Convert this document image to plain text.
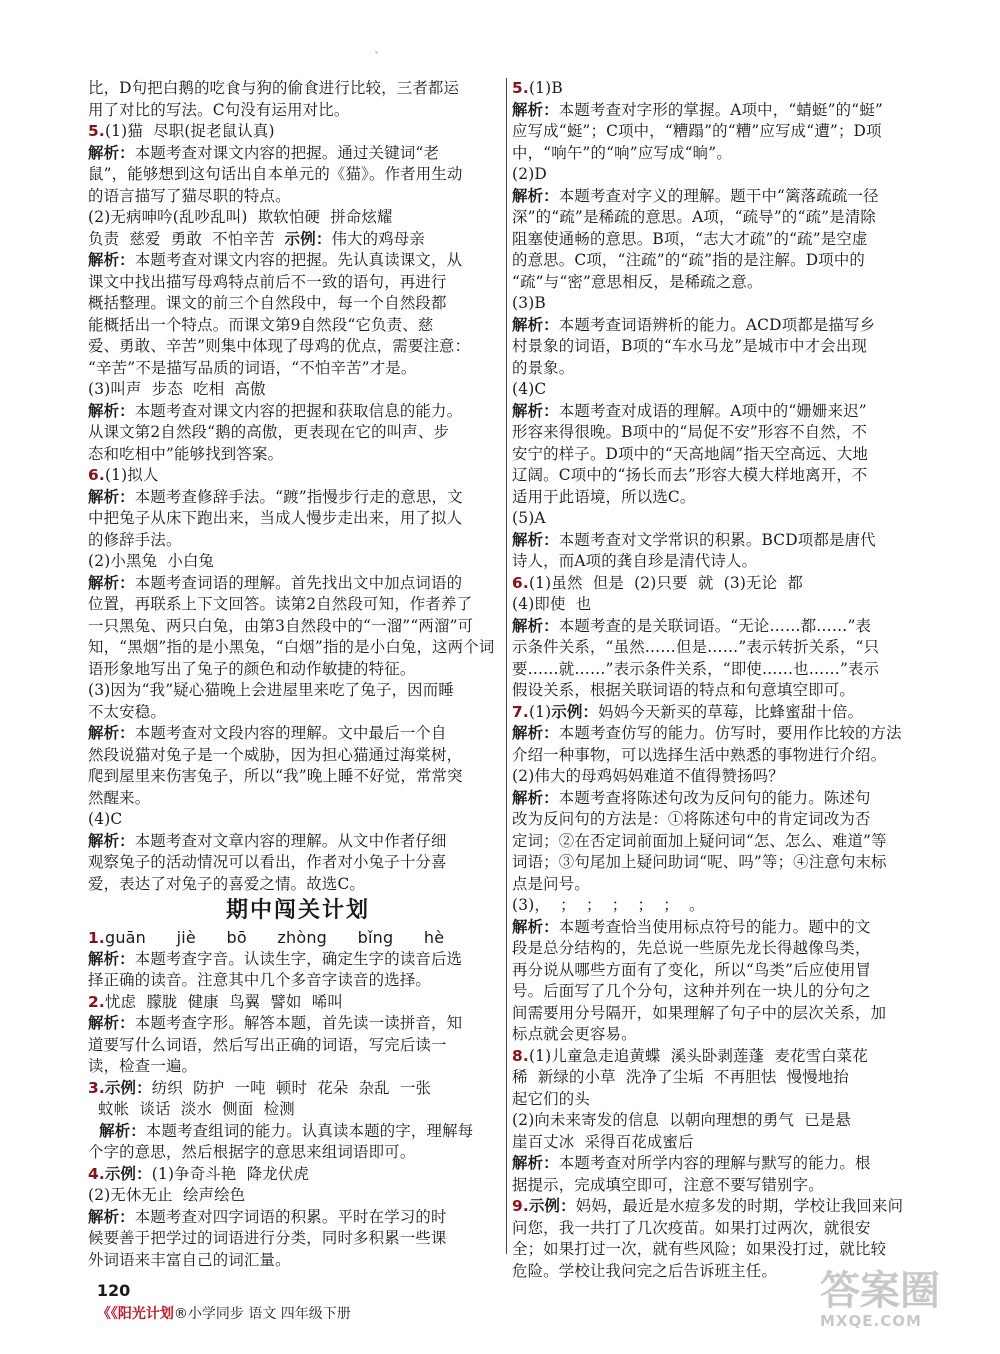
ˋ
比，D句把白鹅的吃食与狗的偷食进行比较，三者都运
用了对比的写法。C句没有运用对比。
5.(1)猫  尽职(捉老鼠认真)
解析：本题考查对课文内容的把握。通过关键词“老
鼠”，能够想到这句话出自本单元的《猫》。作者用生动
的语言描写了猫尽职的特点。
(2)无病呻吟(乱吵乱叫)  欺软怕硬  拼命炫耀
负责  慈爱  勇敢  不怕辛苦  示例：伟大的鸡母亲
解析：本题考查对课文内容的把握。先认真读课文，从
课文中找出描写母鸡特点前后不一致的语句，再进行
概括整理。课文的前三个自然段中，每一个自然段都
能概括出一个特点。而课文第9自然段“它负责、慈
爱、勇敢、辛苦”则集中体现了母鸡的优点，需要注意：
“辛苦”不是描写品质的词语，“不怕辛苦”才是。
(3)叫声  步态  吃相  高傲
解析：本题考查对课文内容的把握和获取信息的能力。
从课文第2自然段“鹅的高傲，更表现在它的叫声、步
态和吃相中”能够找到答案。
6.(1)拟人
解析：本题考查修辞手法。“踱”指慢步行走的意思，文
中把兔子从床下跑出来，当成人慢步走出来，用了拟人
的修辞手法。
(2)小黑兔  小白兔
解析：本题考查词语的理解。首先找出文中加点词语的
位置，再联系上下文回答。读第2自然段可知，作者养了
一只黑兔、两只白兔，由第3自然段中的“一溜”“两溜”可
知，“黑烟”指的是小黑兔，“白烟”指的是小白兔，这两个词
语形象地写出了兔子的颜色和动作敏捷的特征。
(3)因为“我”疑心猫晚上会进屋里来吃了兔子，因而睡
不太安稳。
解析：本题考查对文段内容的理解。文中最后一个自
然段说猫对兔子是一个威胁，因为担心猫通过海棠树，
爬到屋里来伤害兔子，所以“我”晚上睡不好觉，常常突
然醒来。
(4)C
解析：本题考查对文章内容的理解。从文中作者仔细
观察兔子的活动情况可以看出，作者对小兔子十分喜
爱，表达了对兔子的喜爱之情。故选C。
期中闯关计划
1.guān  jiè  bō  zhòng  bǐng  hè
解析：本题考查字音。认读生字，确定生字的读音后选
择正确的读音。注意其中几个多音字读音的选择。
2.忧虑  朦胧  健康  鸟翼  譬如  唏叫
解析：本题考查字形。解答本题，首先读一读拼音，知
道要写什么词语，然后写出正确的词语，写完后读一
读，检查一遍。
3.示例：纺织  防护  一吨  顿时  花朵  杂乱  一张
蚊帐  谈话  淡水  侧面  检测
解析：本题考查组词的能力。认真读本题的字，理解每
个字的意思，然后根据字的意思来组词语即可。
4.示例：(1)争奇斗艳  降龙伏虎
(2)无休无止  绘声绘色
解析：本题考查对四字词语的积累。平时在学习的时
候要善于把学过的词语进行分类，同时多积累一些课
外词语来丰富自己的词汇量。
5.(1)B
解析：本题考查对字形的掌握。A项中，“蜻蜓”的“蜓”
应写成“蜓”；C项中，“糟蹋”的“糟”应写成“遭”；D项
中，“响午”的“响”应写成“晌”。
(2)D
解析：本题考查对字义的理解。题干中“篱落疏疏一径
深”的“疏”是稀疏的意思。A项，“疏导”的“疏”是清除
阻塞使通畅的意思。B项，“志大才疏”的“疏”是空虚
的意思。C项，“注疏”的“疏”指的是注解。D项中的
“疏”与“密”意思相反，是稀疏之意。
(3)B
解析：本题考查词语辨析的能力。ACD项都是描写乡
村景象的词语，B项的“车水马龙”是城市中才会出现
的景象。
(4)C
解析：本题考查对成语的理解。A项中的“姗姗来迟”
形容来得很晚。B项中的“局促不安”形容不自然，不
安宁的样子。D项中的“天高地阔”指天空高远、大地
辽阔。C项中的“扬长而去”形容大模大样地离开，不
适用于此语境，所以选C。
(5)A
解析：本题考查对文学常识的积累。BCD项都是唐代
诗人，而A项的龚自珍是清代诗人。
6.(1)虽然  但是  (2)只要  就  (3)无论  都
(4)即使  也
解析：本题考查的是关联词语。“无论……都……”表
示条件关系，“虽然……但是……”表示转折关系，“只
要……就……”表示条件关系，“即使……也……”表示
假设关系，根据关联词语的特点和句意填空即可。
7.(1)示例：妈妈今天新买的草莓，比蜂蜜甜十倍。
解析：本题考查仿写的能力。仿写时，要用作比较的方法
介绍一种事物，可以选择生活中熟悉的事物进行介绍。
(2)伟大的母鸡妈妈难道不值得赞扬吗？
解析：本题考查将陈述句改为反问句的能力。陈述句
改为反问句的方法是：①将陈述句中的肯定词改为否
定词；②在否定词前面加上疑问词“怎、怎么、难道”等
词语；③句尾加上疑问助词“呢、吗”等；④注意句末标
点是问号。
(3)，  ；  ；  ；  ；  ；  。
解析：本题考查恰当使用标点符号的能力。题中的文
段是总分结构的，先总说一些原先龙长得越像鸟类，
再分说从哪些方面有了变化，所以“鸟类”后应使用冒
号。后面写了几个分句，这种并列在一块儿的分句之
间需要用分号隔开，如果理解了句子中的层次关系，加
标点就会更容易。
8.(1)儿童急走追黄蝶  溪头卧剥莲蓬  麦花雪白菜花
稀  新绿的小草  洗净了尘垢  不再胆怯  慢慢地抬
起它们的头
(2)向未来寄发的信息  以朝向理想的勇气  已是悬
崖百丈冰  采得百花成蜜后
解析：本题考查对所学内容的理解与默写的能力。根
据提示，完成填空即可，注意不要写错别字。
9.示例：妈妈，最近是水痘多发的时期，学校让我回来问
问您，我一共打了几次疫苗。如果打过两次，就很安
全；如果打过一次，就有些风险；如果没打过，就比较
危险。学校让我问完之后告诉班主任。

120
《《阳光计划®小学同步 语文 四年级下册	答案圈
MXQE.COM
